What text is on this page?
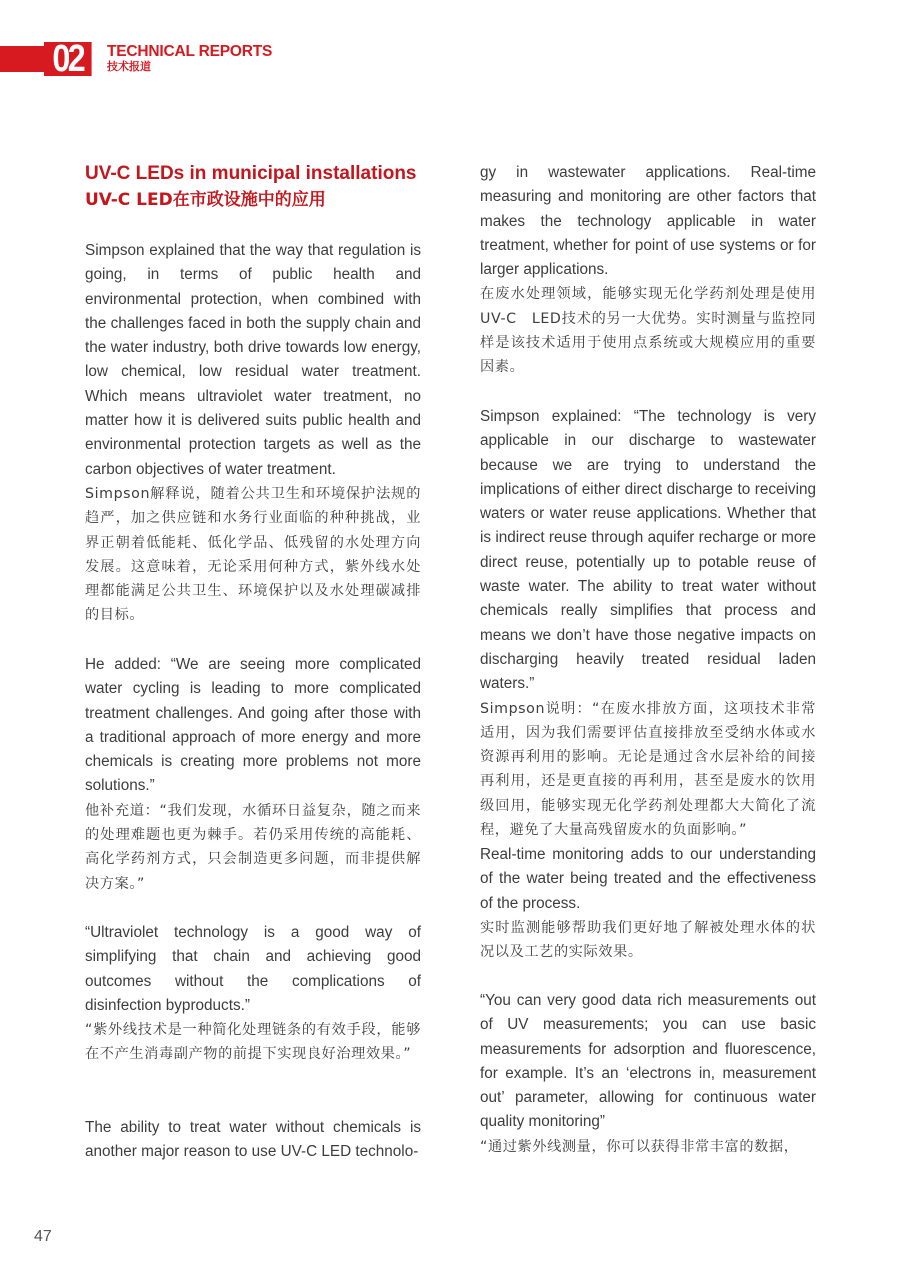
02	TECHNICAL REPORTS
技术报道
UV-C LEDs in municipal installations
UV-C LED在市政设施中的应用

Simpson explained that the way that regulation is going, in terms of public health and environmental protection, when combined with the challenges faced in both the supply chain and the water industry, both drive towards low energy, low chemical, low residual water treatment. Which means ultraviolet water treatment, no matter how it is delivered suits public health and environmental protection targets as well as the carbon objectives of water treatment.

Simpson解释说，随着公共卫生和环境保护法规的趋严，加之供应链和水务行业面临的种种挑战，业界正朝着低能耗、低化学品、低残留的水处理方向发展。这意味着，无论采用何种方式，紫外线水处理都能满足公共卫生、环境保护以及水处理碳减排的目标。

He added: “We are seeing more complicated water cycling is leading to more complicated treatment challenges. And going after those with a traditional approach of more energy and more chemicals is creating more problems not more solutions.”

他补充道：“我们发现，水循环日益复杂，随之而来的处理难题也更为棘手。若仍采用传统的高能耗、高化学药剂方式，只会制造更多问题，而非提供解决方案。”

“Ultraviolet technology is a good way of simplifying that chain and achieving good outcomes without the complications of disinfection byproducts.”

“紫外线技术是一种简化处理链条的有效手段，能够在不产生消毒副产物的前提下实现良好治理效果。”

The ability to treat water without chemicals is another major reason to use UV-C LED technolo-

gy in wastewater applications. Real-time measuring and monitoring are other factors that makes the technology applicable in water treatment, whether for point of use systems or for larger applications.

在废水处理领域，能够实现无化学药剂处理是使用UV-C　LED技术的另一大优势。实时测量与监控同样是该技术适用于使用点系统或大规模应用的重要因素。

Simpson explained: “The technology is very applicable in our discharge to wastewater because we are trying to understand the implications of either direct discharge to receiving waters or water reuse applications. Whether that is indirect reuse through aquifer recharge or more direct reuse, potentially up to potable reuse of waste water. The ability to treat water without chemicals really simplifies that process and means we don’t have those negative impacts on discharging heavily treated residual laden waters.”

Simpson说明：“在废水排放方面，这项技术非常适用，因为我们需要评估直接排放至受纳水体或水资源再利用的影响。无论是通过含水层补给的间接再利用，还是更直接的再利用，甚至是废水的饮用级回用，能够实现无化学药剂处理都大大简化了流程，避免了大量高残留废水的负面影响。”

Real-time monitoring adds to our understanding of the water being treated and the effectiveness of the process.

实时监测能够帮助我们更好地了解被处理水体的状况以及工艺的实际效果。

“You can very good data rich measurements out of UV measurements; you can use basic measurements for adsorption and fluorescence, for example. It’s an ‘electrons in, measurement out’ parameter, allowing for continuous water quality monitoring”

“通过紫外线测量，你可以获得非常丰富的数据，

47
